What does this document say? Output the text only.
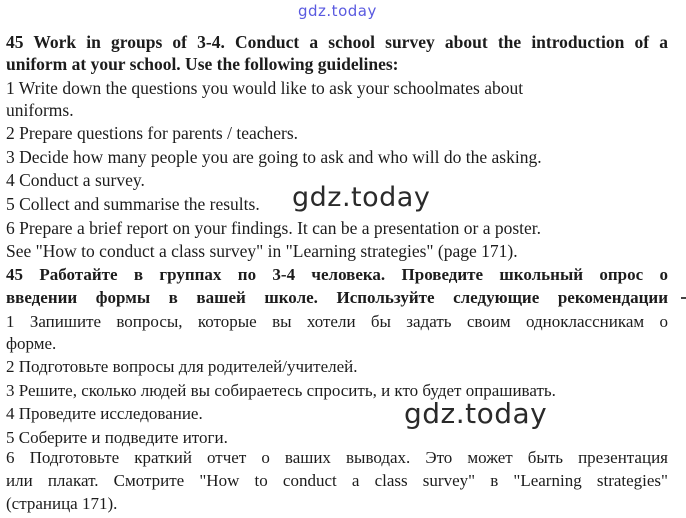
gdz.today
45 Work in groups of 3-4. Conduct a school survey about the introduction of a
uniform at your school. Use the following guidelines:
1 Write down the questions you would like to ask your schoolmates about
uniforms.
2 Prepare questions for parents / teachers.
3 Decide how many people you are going to ask and who will do the asking.
4 Conduct a survey.
5 Collect and summarise the results.
6 Prepare a brief report on your findings. It can be a presentation or a poster.
See "How to conduct a class survey" in "Learning strategies" (page 171).
gdz.today
45 Работайте в группах по 3-4 человека. Проведите школьный опрос о
введении формы в вашей школе. Используйте следующие рекомендации
1 Запишите вопросы, которые вы хотели бы задать своим одноклассникам о
форме.
2 Подготовьте вопросы для родителей/учителей.
3 Решите, сколько людей вы собираетесь спросить, и кто будет опрашивать.
4 Проведите исследование.
5 Соберите и подведите итоги.
6 Подготовьте краткий отчет о ваших выводах. Это может быть презентация
или плакат. Смотрите "How to conduct a class survey" в "Learning strategies"
(страница 171).
gdz.today
